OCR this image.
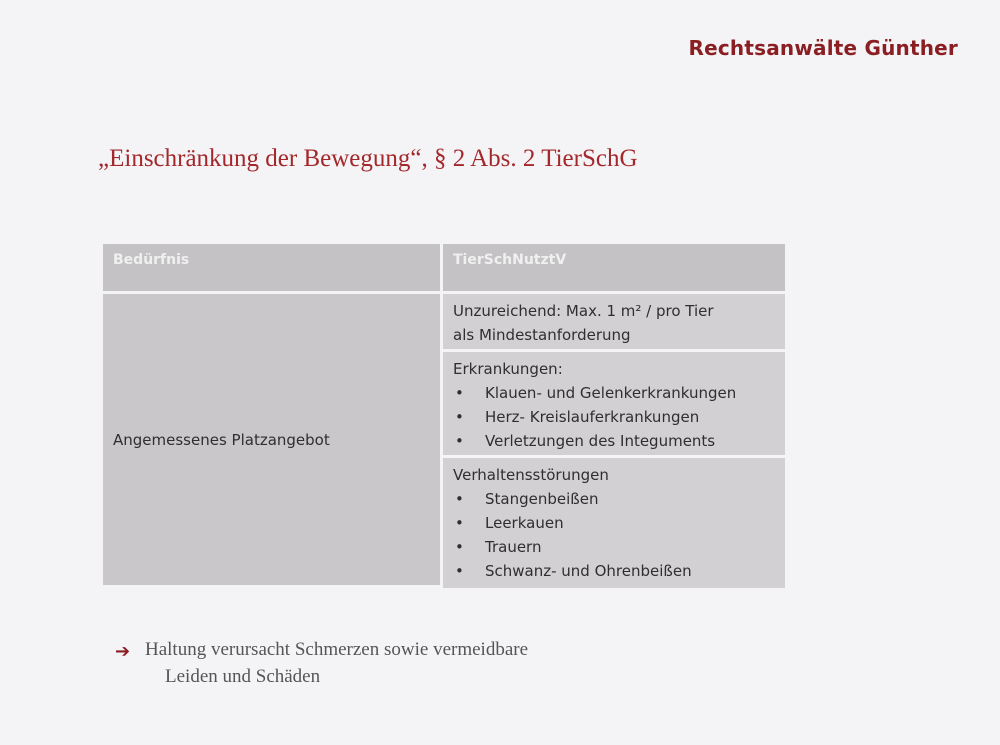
Rechtsanwälte Günther
„Einschränkung der Bewegung“, § 2 Abs. 2 TierSchG
Bedürfnis	TierSchNutztV
Angemessenes Platzangebot
Unzureichend: Max. 1 m² / pro Tier
als Mindestanforderung
Erkrankungen:
• Klauen- und Gelenkerkrankungen
• Herz- Kreislauferkrankungen
• Verletzungen des Integuments
Verhaltensstörungen
• Stangenbeißen
• Leerkauen
• Trauern
• Schwanz- und Ohrenbeißen
➔ Haltung verursacht Schmerzen sowie vermeidbare
Leiden und Schäden
